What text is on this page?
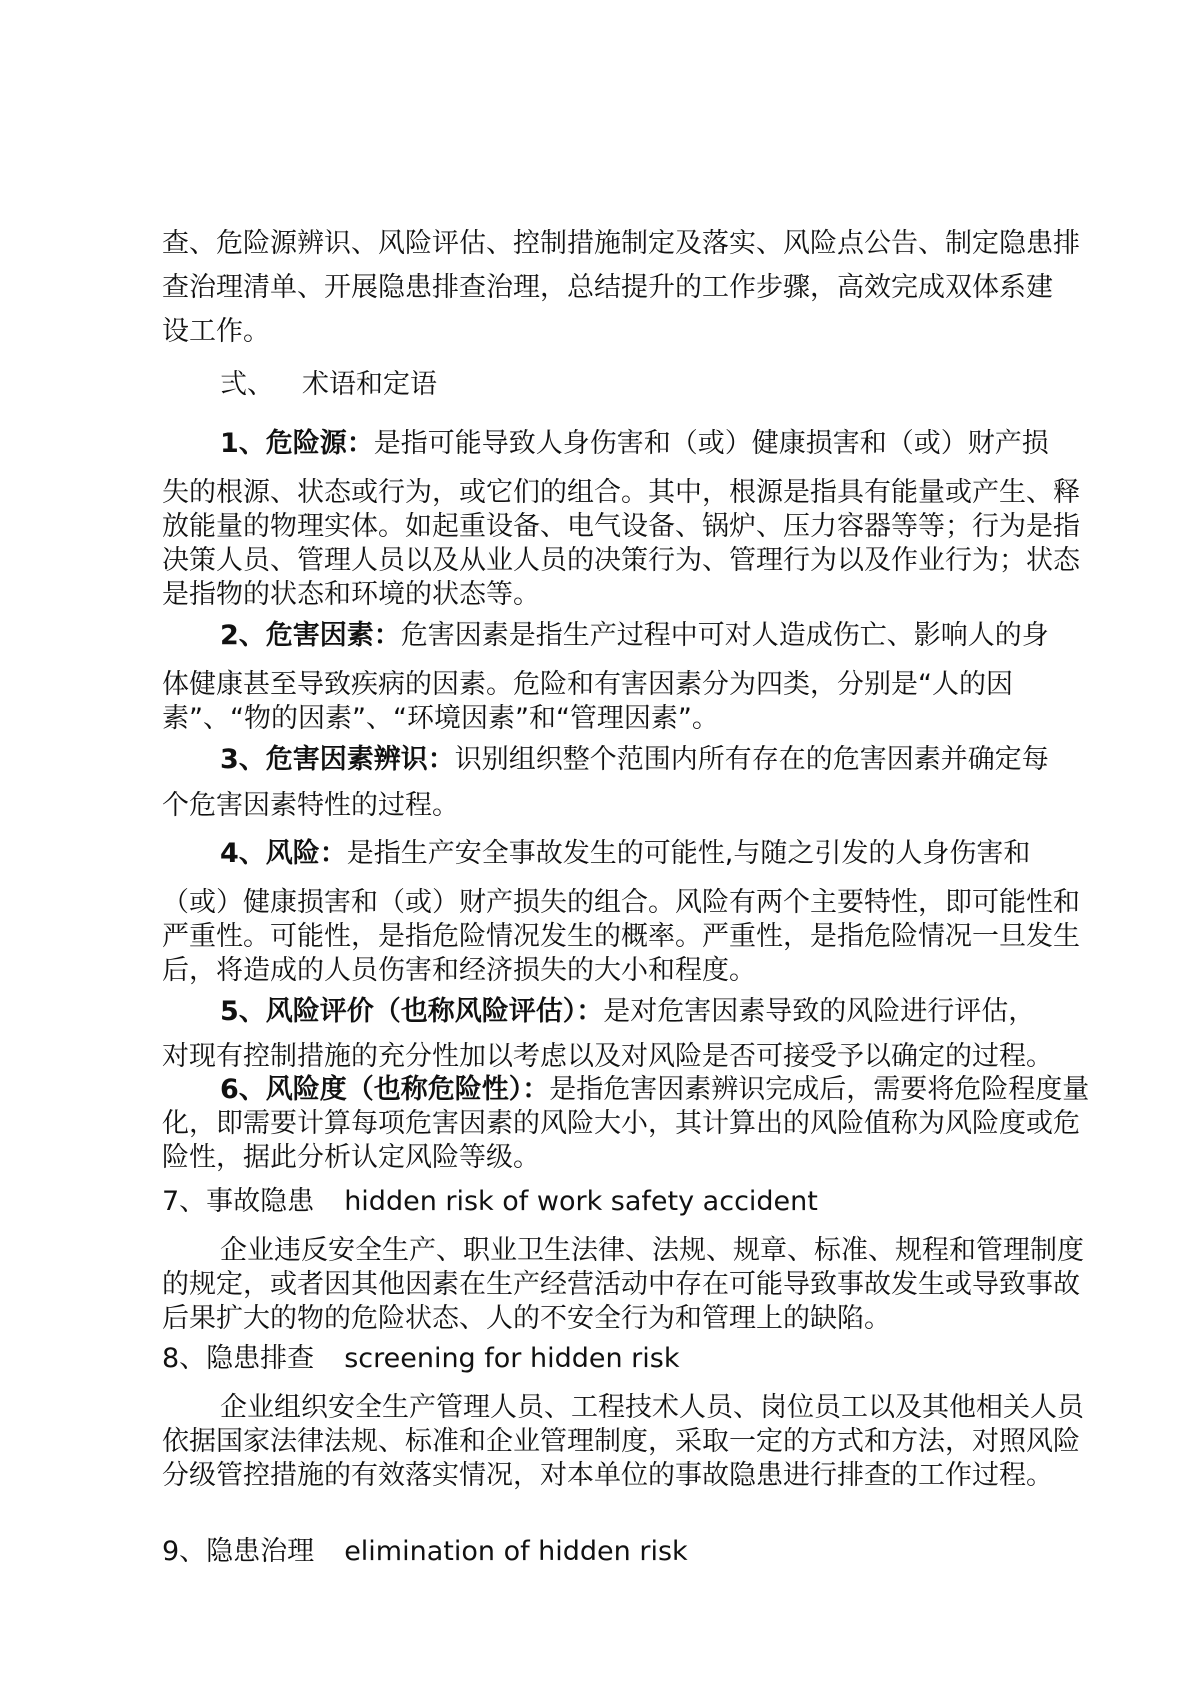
查、危险源辨识、风险评估、控制措施制定及落实、风险点公告、制定隐患排
查治理清单、开展隐患排查治理，总结提升的工作步骤，高效完成双体系建
设工作。
弍、 术语和定语
1、危险源：是指可能导致人身伤害和（或）健康损害和（或）财产损
失的根源、状态或行为，或它们的组合。其中，根源是指具有能量或产生、释放能量的物理实体。如起重设备、电气设备、锅炉、压力容器等等；行为是指决策人员、管理人员以及从业人员的决策行为、管理行为以及作业行为；状态是指物的状态和环境的状态等。
2、危害因素：危害因素是指生产过程中可对人造成伤亡、影响人的身
体健康甚至导致疾病的因素。危险和有害因素分为四类，分别是“人的因素”、“物的因素”、“环境因素”和“管理因素”。
3、危害因素辨识：识别组织整个范围内所有存在的危害因素并确定每
个危害因素特性的过程。
4、风险：是指生产安全事故发生的可能性,与随之引发的人身伤害和
（或）健康损害和（或）财产损失的组合。风险有两个主要特性，即可能性和严重性。可能性，是指危险情况发生的概率。严重性，是指危险情况一旦发生后，将造成的人员伤害和经济损失的大小和程度。
5、风险评价（也称风险评估）：是对危害因素导致的风险进行评估，
对现有控制措施的充分性加以考虑以及对风险是否可接受予以确定的过程。
6、风险度（也称危险性）：是指危害因素辨识完成后，需要将危险程度量化，即需要计算每项危害因素的风险大小，其计算出的风险值称为风险度或危险性，据此分析认定风险等级。
7、事故隐患 hidden risk of work safety accident
企业违反安全生产、职业卫生法律、法规、规章、标准、规程和管理制度的规定，或者因其他因素在生产经营活动中存在可能导致事故发生或导致事故后果扩大的物的危险状态、人的不安全行为和管理上的缺陷。
8、隐患排查 screening for hidden risk
企业组织安全生产管理人员、工程技术人员、岗位员工以及其他相关人员依据国家法律法规、标准和企业管理制度，采取一定的方式和方法，对照风险分级管控措施的有效落实情况，对本单位的事故隐患进行排查的工作过程。
9、隐患治理 elimination of hidden risk
